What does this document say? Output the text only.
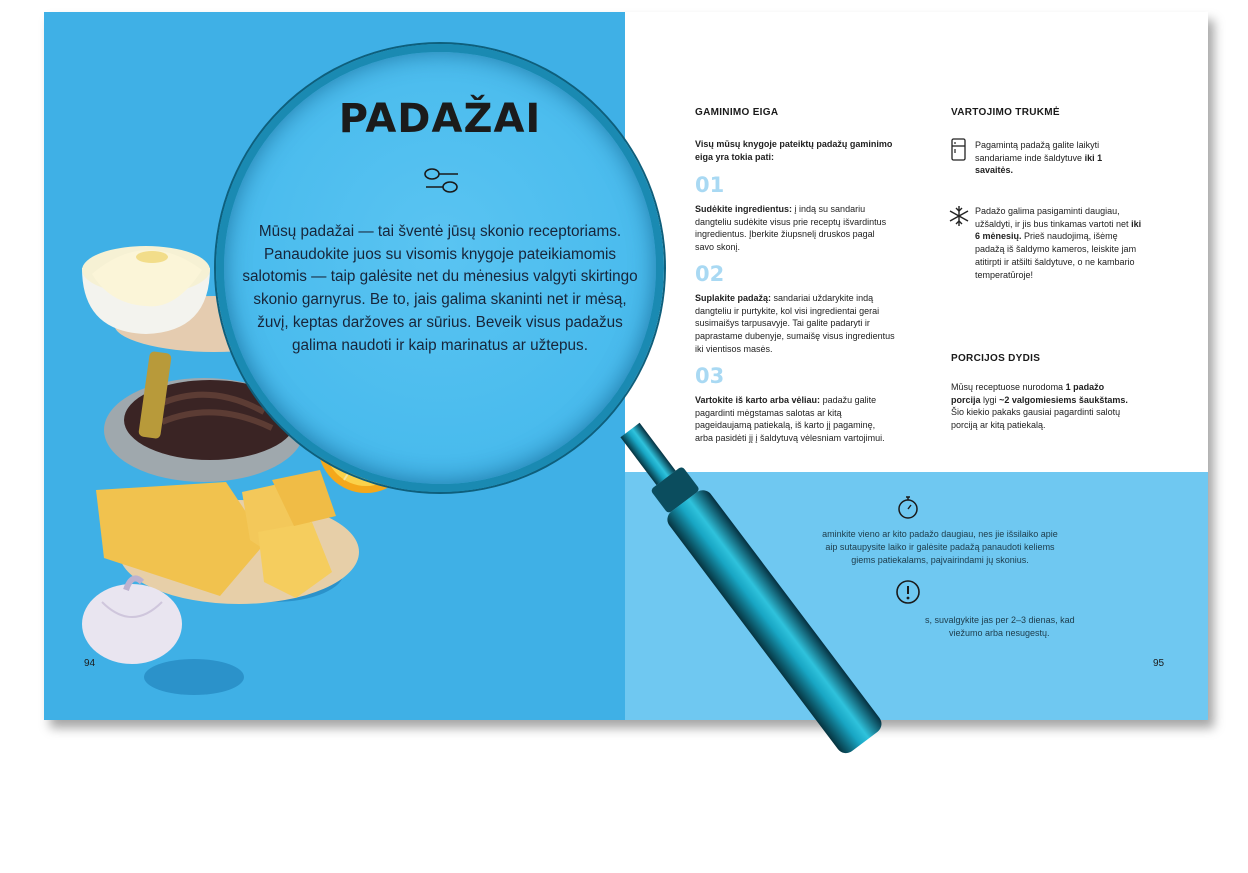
94
GAMINIMO EIGA
Visų mūsų knygoje pateiktų padažų gaminimo eiga yra tokia pati:
01
Sudėkite ingredientus: į indą su sandariu dangteliu sudėkite visus prie receptų išvardintus ingredientus. Įberkite žiupsnelį druskos pagal savo skonį.
02
Suplakite padažą: sandariai uždarykite indą dangteliu ir purtykite, kol visi ingredientai gerai susimaišys tarpusavyje. Tai galite padaryti ir paprastame dubenyje, sumaišę visus ingredientus iki vientisos masės.
03
Vartokite iš karto arba vėliau: padažu galite pagardinti mėgstamas salotas ar kitą pageidaujamą patiekalą, iš karto jį pagaminę, arba pasidėti jį į šaldytuvą vėlesniam vartojimui.
VARTOJIMO TRUKMĖ
Pagamintą padažą galite laikyti sandariame inde šaldytuve iki 1 savaitės.
Padažo galima pasigaminti daugiau, užšaldyti, ir jis bus tinkamas vartoti net iki 6 mėnesių. Prieš naudojimą, išėmę padažą iš šaldymo kameros, leiskite jam atitirpti ir atšilti šaldytuve, o ne kambario temperatūroje!
PORCIJOS DYDIS
Mūsų receptuose nurodoma 1 padažo porcija lygi ~2 valgomiesiems šaukštams. Šio kiekio pakaks gausiai pagardinti salotų porciją ar kitą patiekalą.
aminkite vieno ar kito padažo daugiau, nes jie išsilaiko apie
aip sutaupysite laiko ir galėsite padažą panaudoti keliems
giems patiekalams, pajvairindami jų skonius.
s, suvalgykite jas per 2–3 dienas, kad
viežumo arba nesugestų.
95
PADAŽAI
Mūsų padažai — tai šventė jūsų skonio receptoriams. Panaudokite juos su visomis knygoje pateikiamomis salotomis — taip galėsite net du mėnesius valgyti skirtingo skonio garnyrus. Be to, jais galima skaninti net ir mėsą, žuvį, keptas daržoves ar sūrius. Beveik visus padažus galima naudoti ir kaip marinatus ar užtepus.
